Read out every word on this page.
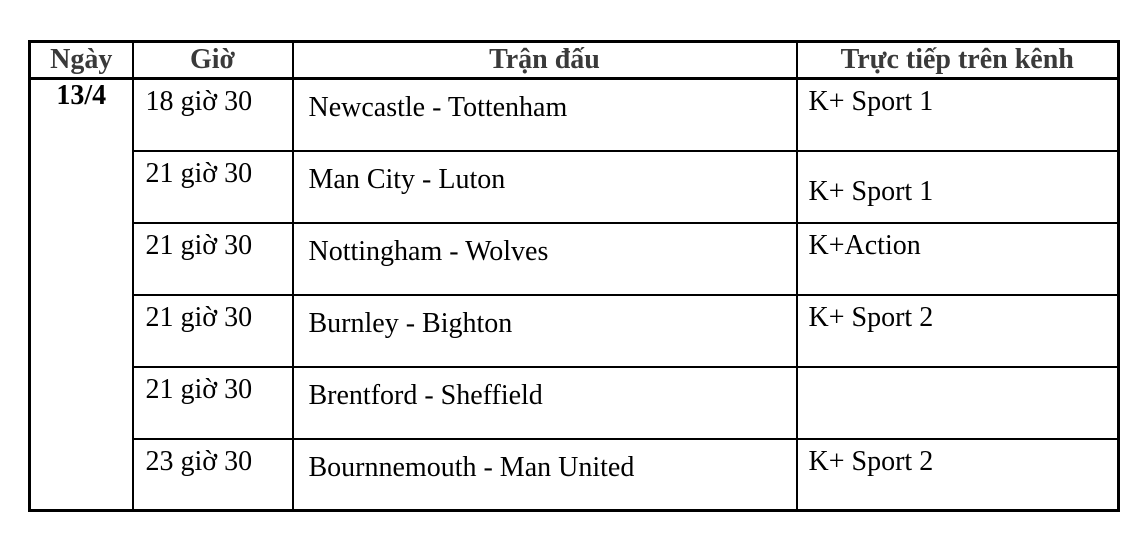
Ngày	Giờ	Trận đấu	Trực tiếp trên kênh
13/4	18 giờ 30	Newcastle - Tottenham	K+ Sport 1
	21 giờ 30	Man City - Luton	K+ Sport 1
	21 giờ 30	Nottingham - Wolves	K+Action
	21 giờ 30	Burnley - Bighton	K+ Sport 2
	21 giờ 30	Brentford - Sheffield	
	23 giờ 30	Bournnemouth - Man United	K+ Sport 2
